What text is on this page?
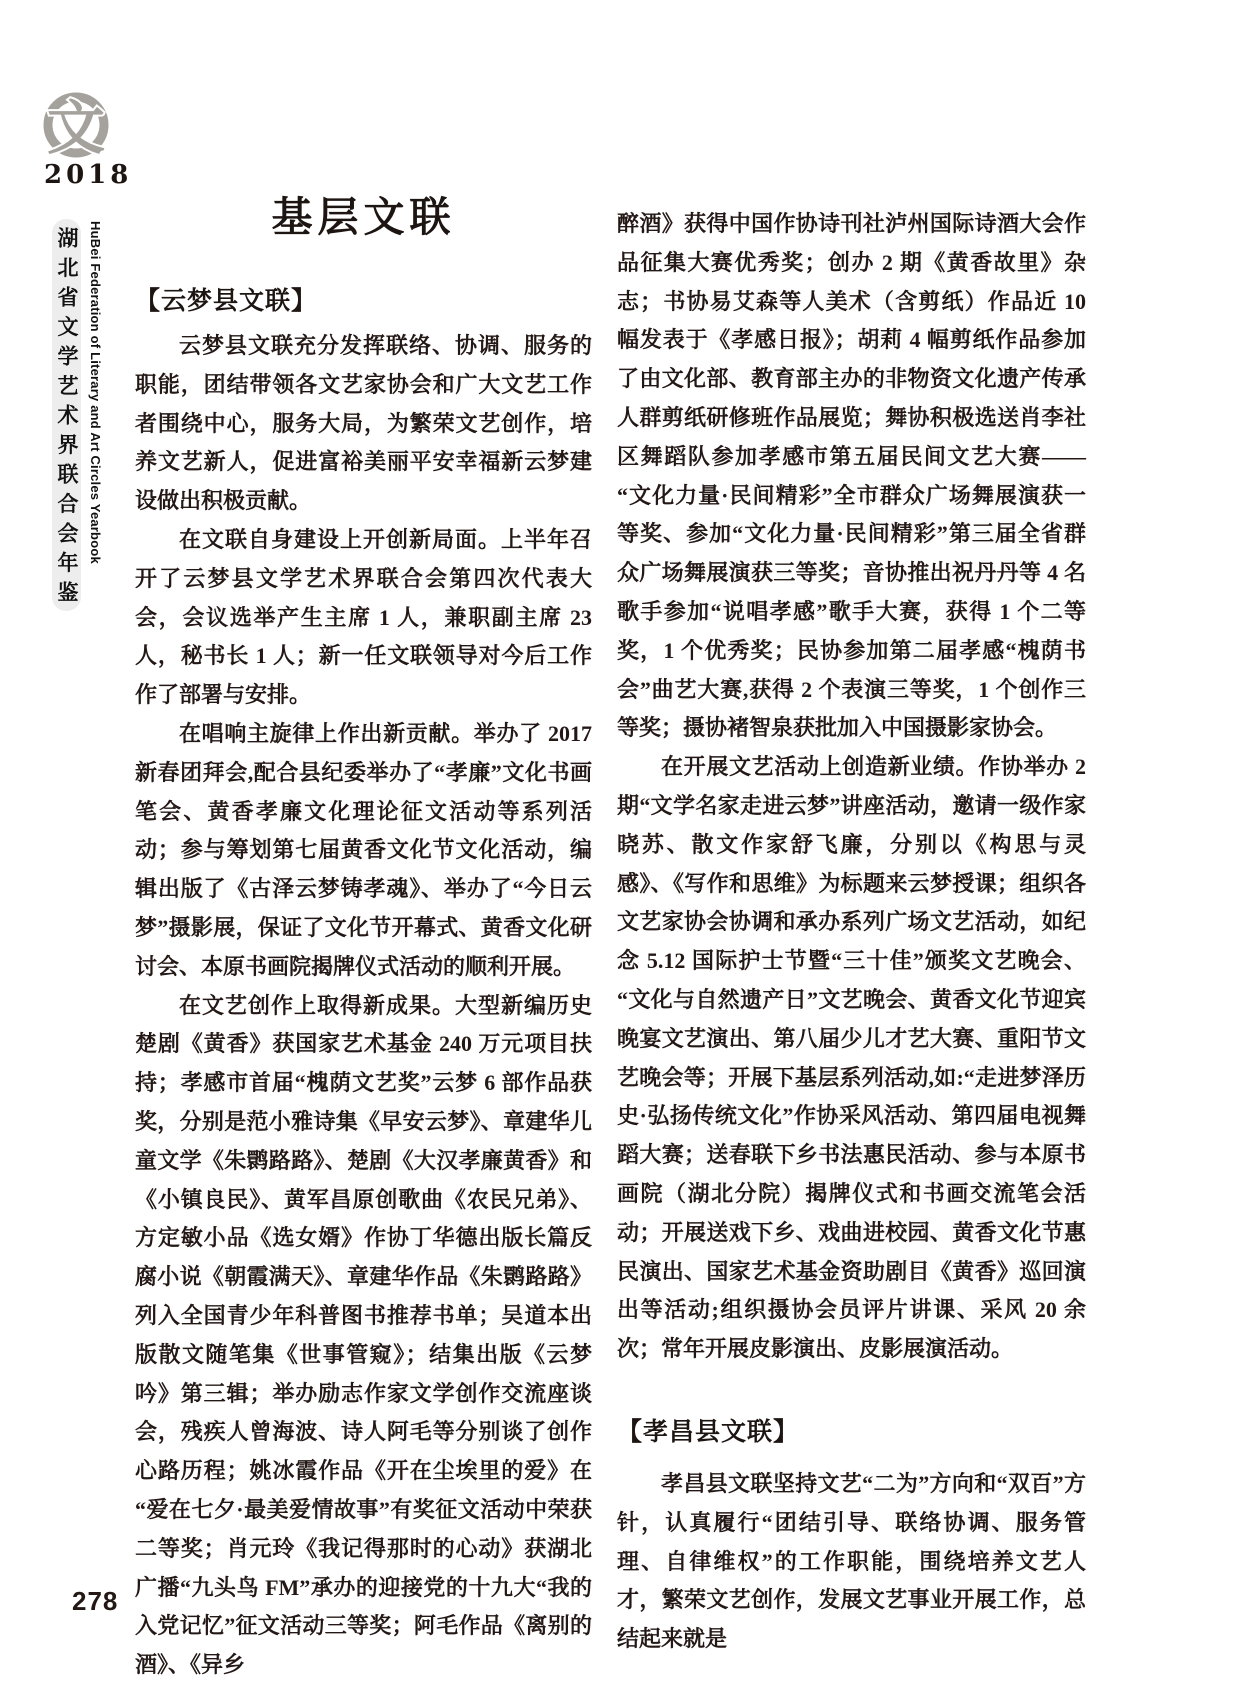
文
2018
湖北省文学艺术界联合会年鉴 HuBei Federation of Literary and Art Circles Yearbook
278
基层文联
【云梦县文联】

云梦县文联充分发挥联络、协调、服务的职能，团结带领各文艺家协会和广大文艺工作者围绕中心，服务大局，为繁荣文艺创作，培养文艺新人，促进富裕美丽平安幸福新云梦建设做出积极贡献。

在文联自身建设上开创新局面。上半年召开了云梦县文学艺术界联合会第四次代表大会，会议选举产生主席 1 人，兼职副主席 23 人，秘书长 1 人；新一任文联领导对今后工作作了部署与安排。

在唱响主旋律上作出新贡献。举办了 2017 新春团拜会,配合县纪委举办了“孝廉”文化书画笔会、黄香孝廉文化理论征文活动等系列活动；参与筹划第七届黄香文化节文化活动，编辑出版了《古泽云梦铸孝魂》、举办了“今日云梦”摄影展，保证了文化节开幕式、黄香文化研讨会、本原书画院揭牌仪式活动的顺利开展。

在文艺创作上取得新成果。大型新编历史楚剧《黄香》获国家艺术基金 240 万元项目扶持；孝感市首届“槐荫文艺奖”云梦 6 部作品获奖，分别是范小雅诗集《早安云梦》、章建华儿童文学《朱鹮路路》、楚剧《大汉孝廉黄香》和《小镇良民》、黄军昌原创歌曲《农民兄弟》、方定敏小品《选女婿》作协丁华德出版长篇反腐小说《朝霞满天》、章建华作品《朱鹮路路》列入全国青少年科普图书推荐书单；吴道本出版散文随笔集《世事管窥》；结集出版《云梦吟》第三辑；举办励志作家文学创作交流座谈会，残疾人曾海波、诗人阿毛等分别谈了创作心路历程；姚冰霞作品《开在尘埃里的爱》在“爱在七夕·最美爱情故事”有奖征文活动中荣获二等奖；肖元玲《我记得那时的心动》获湖北广播“九头鸟 FM”承办的迎接党的十九大“我的入党记忆”征文活动三等奖；阿毛作品《离别的酒》、《异乡

醉酒》获得中国作协诗刊社泸州国际诗酒大会作品征集大赛优秀奖；创办 2 期《黄香故里》杂志；书协易艾森等人美术（含剪纸）作品近 10 幅发表于《孝感日报》；胡莉 4 幅剪纸作品参加了由文化部、教育部主办的非物资文化遗产传承人群剪纸研修班作品展览；舞协积极选送肖李社区舞蹈队参加孝感市第五届民间文艺大赛——“文化力量·民间精彩”全市群众广场舞展演获一等奖、参加“文化力量·民间精彩”第三届全省群众广场舞展演获三等奖；音协推出祝丹丹等 4 名歌手参加“说唱孝感”歌手大赛，获得 1 个二等奖，1 个优秀奖；民协参加第二届孝感“槐荫书会”曲艺大赛,获得 2 个表演三等奖，1 个创作三等奖；摄协褚智泉获批加入中国摄影家协会。

在开展文艺活动上创造新业绩。作协举办 2 期“文学名家走进云梦”讲座活动，邀请一级作家晓苏、散文作家舒飞廉，分别以《构思与灵感》、《写作和思维》为标题来云梦授课；组织各文艺家协会协调和承办系列广场文艺活动，如纪念 5.12 国际护士节暨“三十佳”颁奖文艺晚会、“文化与自然遗产日”文艺晚会、黄香文化节迎宾晚宴文艺演出、第八届少儿才艺大赛、重阳节文艺晚会等；开展下基层系列活动,如:“走进梦泽历史·弘扬传统文化”作协采风活动、第四届电视舞蹈大赛；送春联下乡书法惠民活动、参与本原书画院（湖北分院）揭牌仪式和书画交流笔会活动；开展送戏下乡、戏曲进校园、黄香文化节惠民演出、国家艺术基金资助剧目《黄香》巡回演出等活动;组织摄协会员评片讲课、采风 20 余次；常年开展皮影演出、皮影展演活动。

【孝昌县文联】

孝昌县文联坚持文艺“二为”方向和“双百”方针，认真履行“团结引导、联络协调、服务管理、自律维权”的工作职能，围绕培养文艺人才，繁荣文艺创作，发展文艺事业开展工作，总结起来就是
